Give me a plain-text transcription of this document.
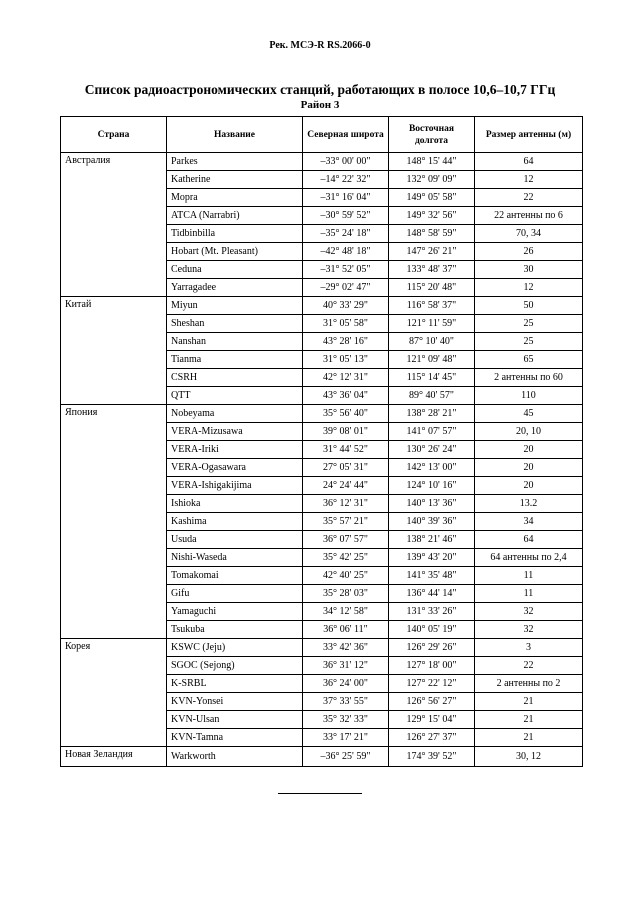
Рек. МСЭ-R RS.2066-0
Список радиоастрономических станций, работающих в полосе 10,6–10,7 ГГц
Район 3
Страна	Название	Северная широта	Восточная долгота	Размер антенны (м)
Австралия	Parkes	–33° 00' 00"	148° 15' 44"	64
	Katherine	–14° 22' 32"	132° 09' 09"	12
	Mopra	–31° 16' 04"	149° 05' 58"	22
	ATCA (Narrabri)	–30° 59' 52"	149° 32' 56"	22 антенны по 6
	Tidbinbilla	–35° 24' 18"	148° 58' 59"	70, 34
	Hobart (Mt. Pleasant)	–42° 48' 18"	147° 26' 21"	26
	Ceduna	–31° 52' 05"	133° 48' 37"	30
	Yarragadee	–29° 02' 47"	115° 20' 48"	12
Китай	Miyun	40° 33' 29"	116° 58' 37"	50
	Sheshan	31° 05' 58"	121° 11' 59"	25
	Nanshan	43° 28' 16"	87° 10' 40"	25
	Tianma	31° 05' 13"	121° 09' 48"	65
	CSRH	42° 12' 31"	115° 14' 45"	2 антенны по 60
	QTT	43° 36' 04"	89° 40' 57"	110
Япония	Nobeyama	35° 56' 40"	138° 28' 21"	45
	VERA-Mizusawa	39° 08' 01"	141° 07' 57"	20, 10
	VERA-Iriki	31° 44' 52"	130° 26' 24"	20
	VERA-Ogasawara	27° 05' 31"	142° 13' 00"	20
	VERA-Ishigakijima	24° 24' 44"	124° 10' 16"	20
	Ishioka	36° 12' 31"	140° 13' 36"	13.2
	Kashima	35° 57' 21"	140° 39' 36"	34
	Usuda	36° 07' 57"	138° 21' 46"	64
	Nishi-Waseda	35° 42' 25"	139° 43' 20"	64 антенны по 2,4
	Tomakomai	42° 40' 25"	141° 35' 48"	11
	Gifu	35° 28' 03"	136° 44' 14"	11
	Yamaguchi	34° 12' 58"	131° 33' 26"	32
	Tsukuba	36° 06' 11"	140° 05' 19"	32
Корея	KSWC (Jeju)	33° 42' 36"	126° 29' 26"	3
	SGOC (Sejong)	36° 31' 12"	127° 18' 00"	22
	K-SRBL	36° 24' 00"	127° 22' 12"	2 антенны по 2
	KVN-Yonsei	37° 33' 55"	126° 56' 27"	21
	KVN-Ulsan	35° 32' 33"	129° 15' 04"	21
	KVN-Tamna	33° 17' 21"	126° 27' 37"	21
Новая Зеландия	Warkworth	–36° 25' 59"	174° 39' 52"	30, 12
